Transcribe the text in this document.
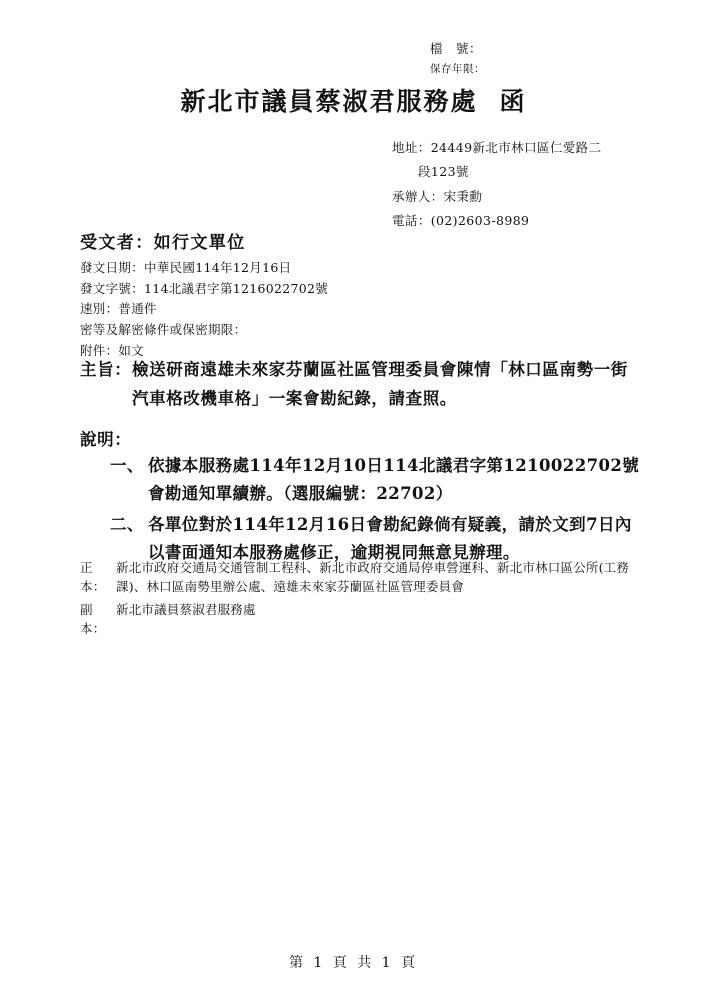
檔　號：
保存年限：
新北市議員蔡淑君服務處 函
地址：24449新北市林口區仁愛路二
段123號
承辦人：宋秉勳
電話：(02)2603-8989
受文者：如行文單位
發文日期：中華民國114年12月16日
發文字號：114北議君字第1216022702號
速別：普通件
密等及解密條件或保密期限：
附件：如文
主旨： 檢送研商遠雄未來家芬蘭區社區管理委員會陳情「林口區南勢一街汽車格改機車格」一案會勘紀錄，請查照。
說明：
一、 依據本服務處114年12月10日114北議君字第1210022702號會勘通知單續辦。（選服編號：22702）
二、 各單位對於114年12月16日會勘紀錄倘有疑義，請於文到7日內以書面通知本服務處修正，逾期視同無意見辦理。
正本：
新北市政府交通局交通管制工程科、新北市政府交通局停車營運科、新北市林口區公所(工務課)、林口區南勢里辦公處、遠雄未來家芬蘭區社區管理委員會
副本：
新北市議員蔡淑君服務處
第 1 頁 共 1 頁
